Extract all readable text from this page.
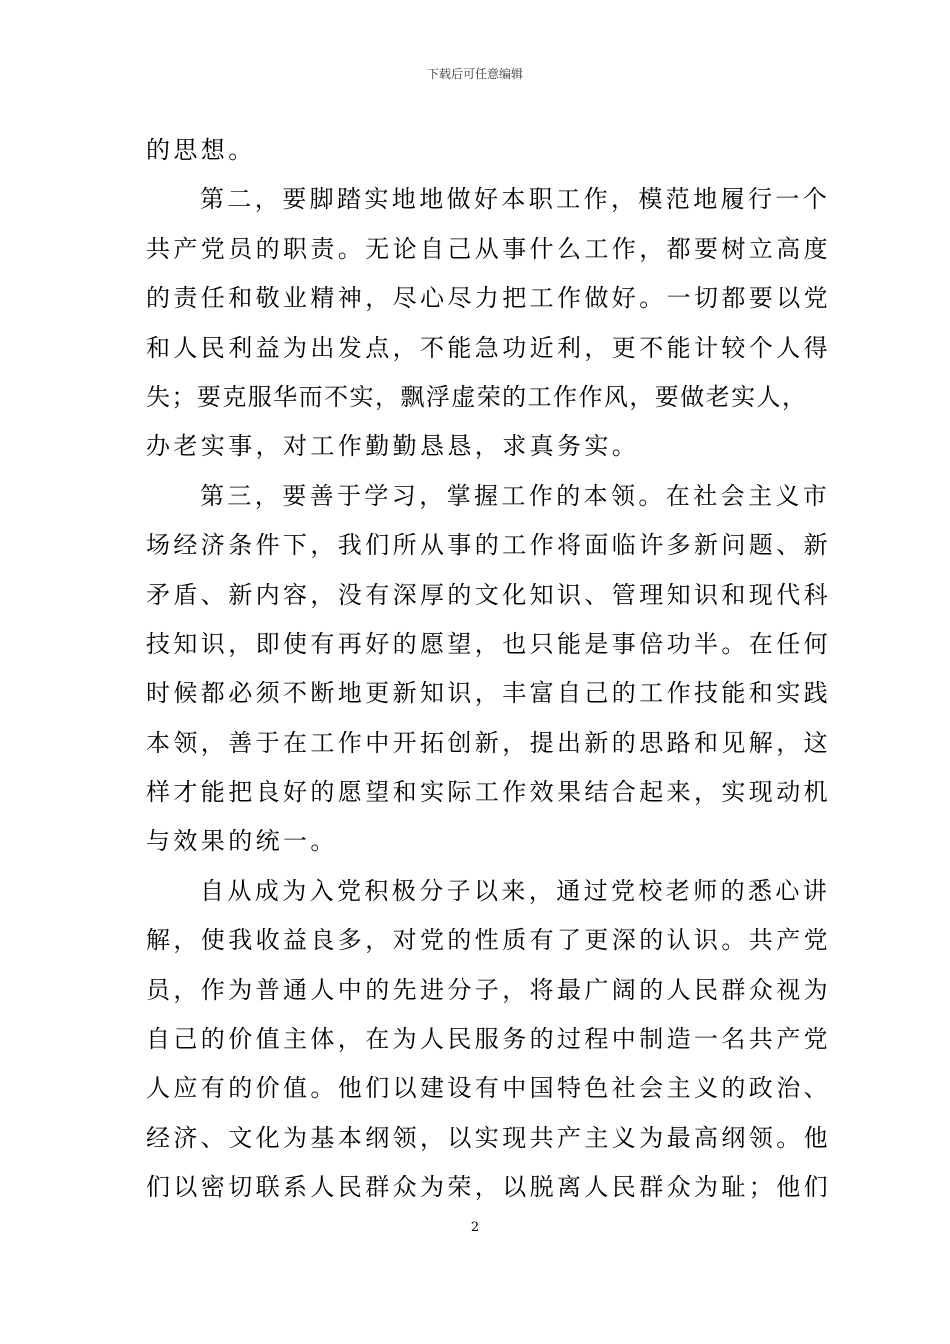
下载后可任意编辑
的思想。
第二，要脚踏实地地做好本职工作，模范地履行一个
共产党员的职责。无论自己从事什么工作，都要树立高度
的责任和敬业精神，尽心尽力把工作做好。一切都要以党
和人民利益为出发点，不能急功近利，更不能计较个人得
失；要克服华而不实，飘浮虚荣的工作作风，要做老实人，
办老实事，对工作勤勤恳恳，求真务实。
第三，要善于学习，掌握工作的本领。在社会主义市
场经济条件下，我们所从事的工作将面临许多新问题、新
矛盾、新内容，没有深厚的文化知识、管理知识和现代科
技知识，即使有再好的愿望，也只能是事倍功半。在任何
时候都必须不断地更新知识，丰富自己的工作技能和实践
本领，善于在工作中开拓创新，提出新的思路和见解，这
样才能把良好的愿望和实际工作效果结合起来，实现动机
与效果的统一。
自从成为入党积极分子以来，通过党校老师的悉心讲
解，使我收益良多，对党的性质有了更深的认识。共产党
员，作为普通人中的先进分子，将最广阔的人民群众视为
自己的价值主体，在为人民服务的过程中制造一名共产党
人应有的价值。他们以建设有中国特色社会主义的政治、
经济、文化为基本纲领，以实现共产主义为最高纲领。他
们以密切联系人民群众为荣，以脱离人民群众为耻；他们
2
